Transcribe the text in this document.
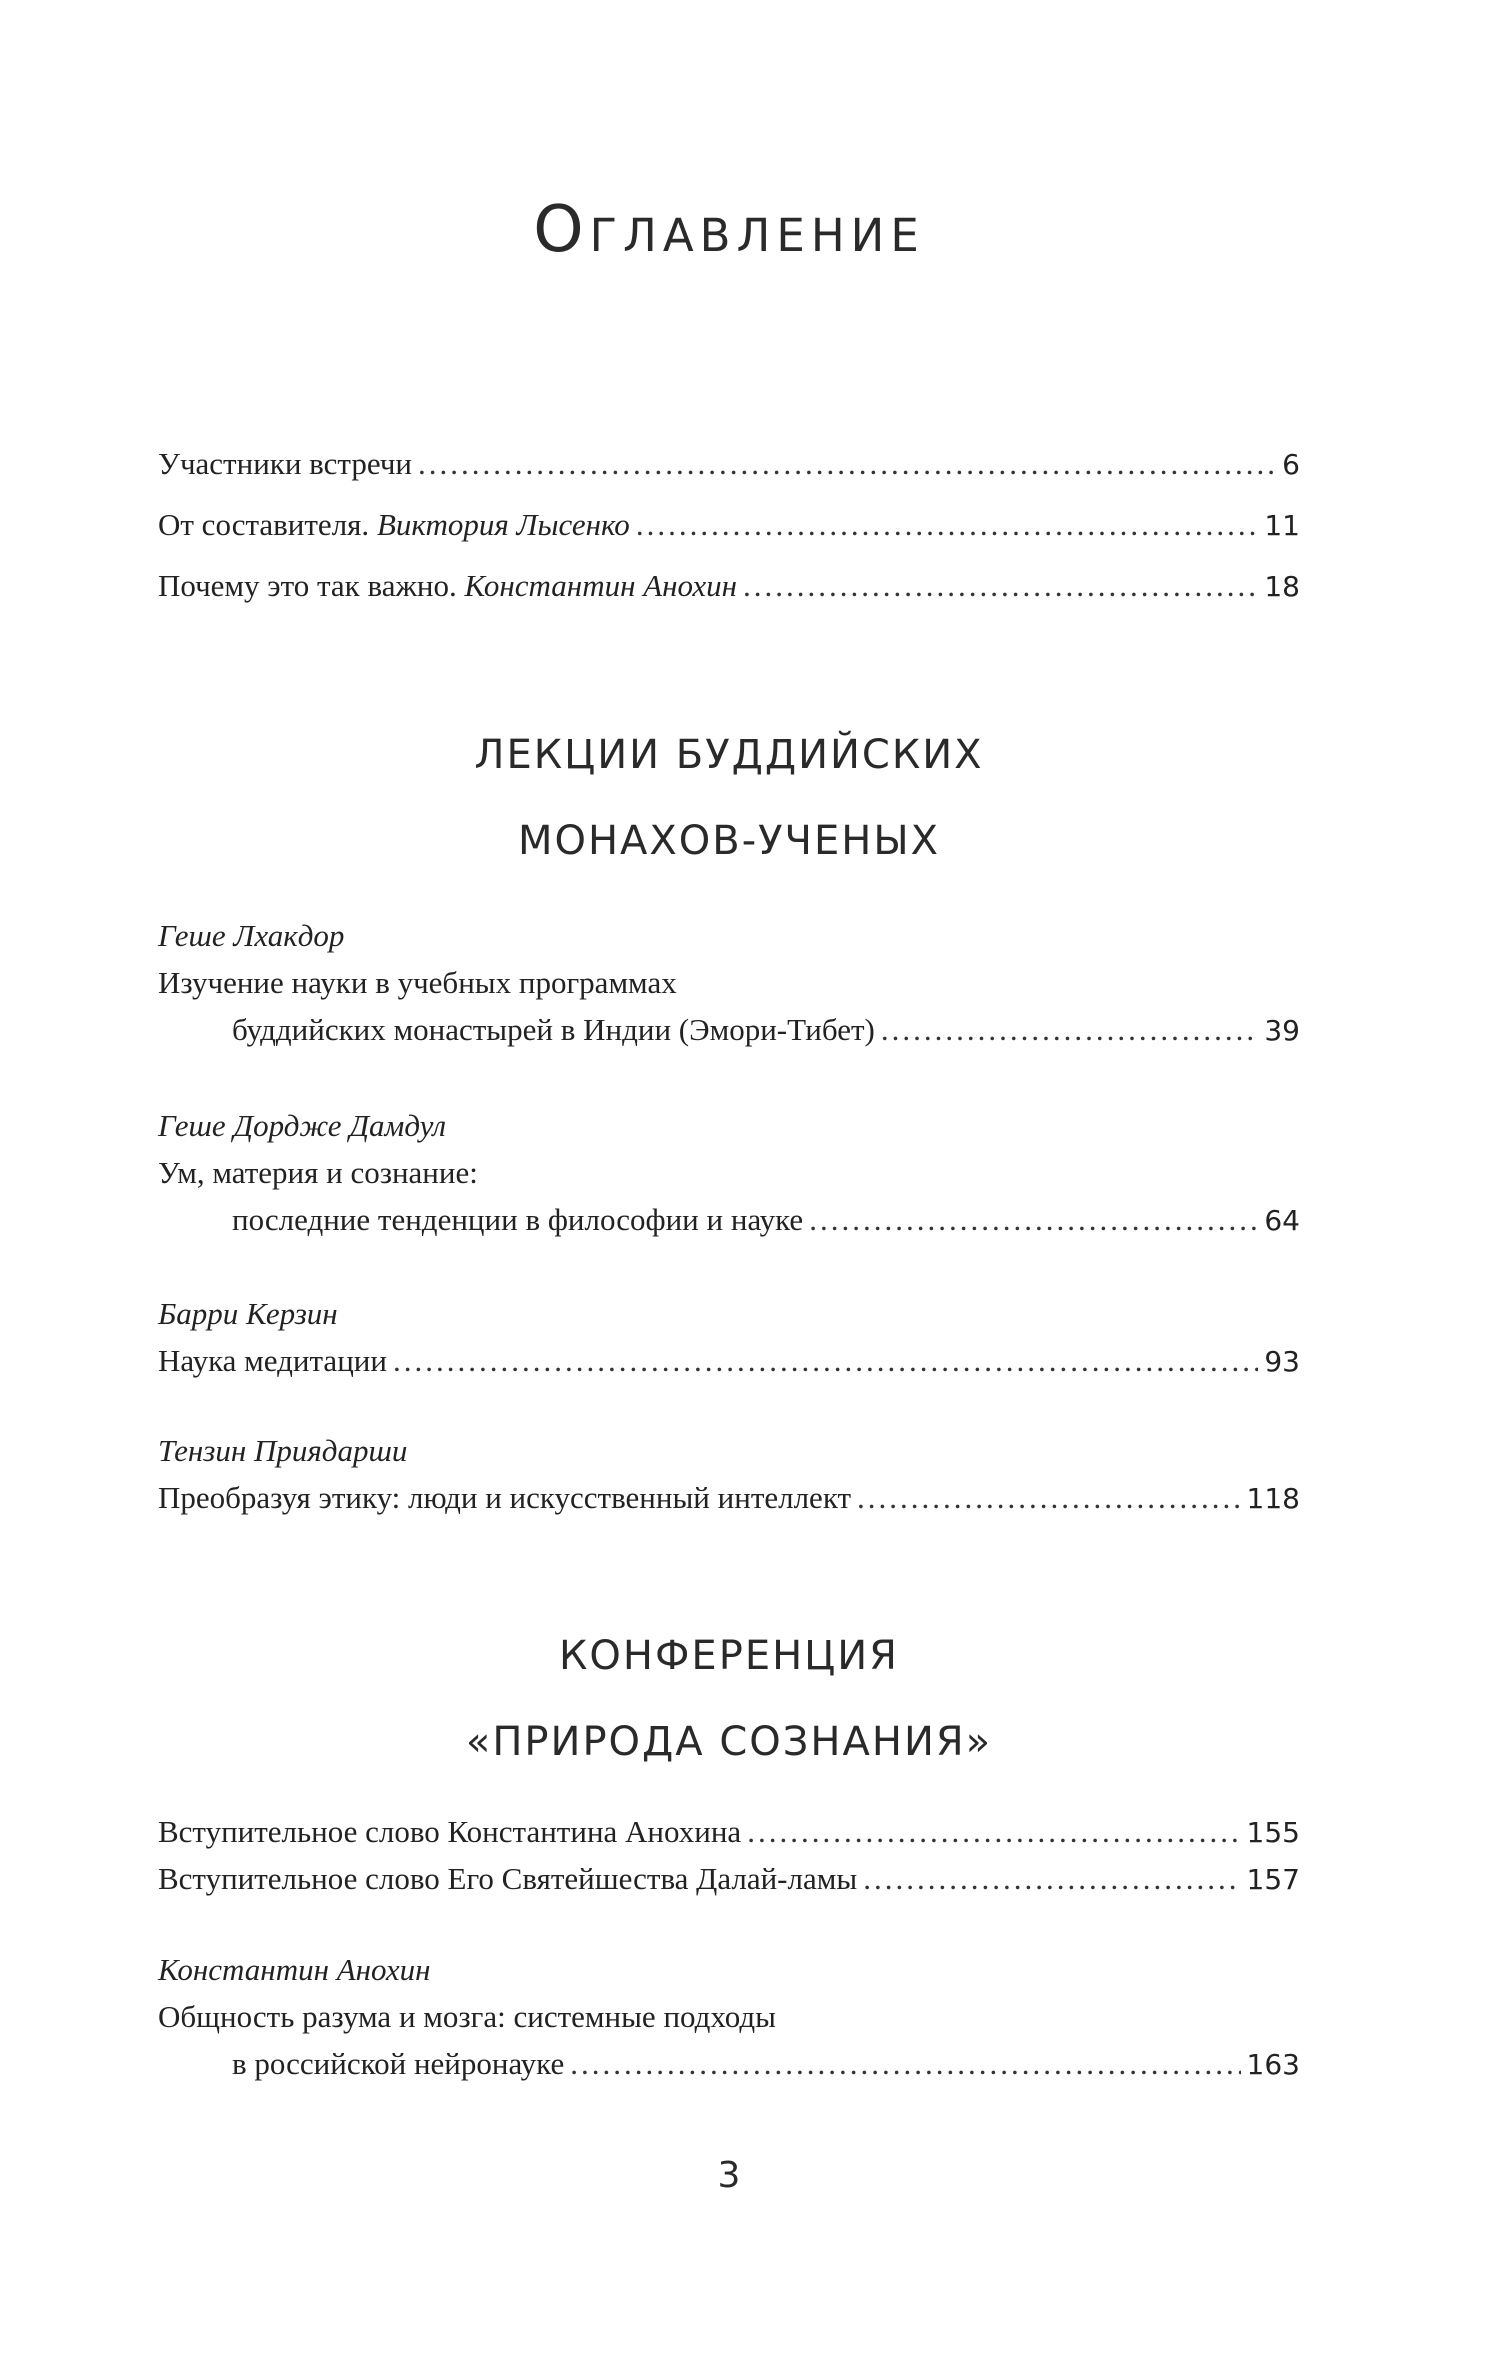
Оглавление
Участники встречи .....	6
От составителя. Виктория Лысенко .....	11
Почему это так важно. Константин Анохин .....	18
ЛЕКЦИИ БУДДИЙСКИХ
МОНАХОВ-УЧЕНЫХ
Геше Лхакдор
Изучение науки в учебных программах
буддийских монастырей в Индии (Эмори-Тибет) .....	39
Геше Дордже Дамдул
Ум, материя и сознание:
последние тенденции в философии и науке .....	64
Барри Керзин
Наука медитации .....	93
Тензин Приядарши
Преобразуя этику: люди и искусственный интеллект .....	118
КОНФЕРЕНЦИЯ
«ПРИРОДА СОЗНАНИЯ»
Вступительное слово Константина Анохина .....	155
Вступительное слово Его Святейшества Далай-ламы .....	157
Константин Анохин
Общность разума и мозга: системные подходы
в российской нейронауке .....	163
3
